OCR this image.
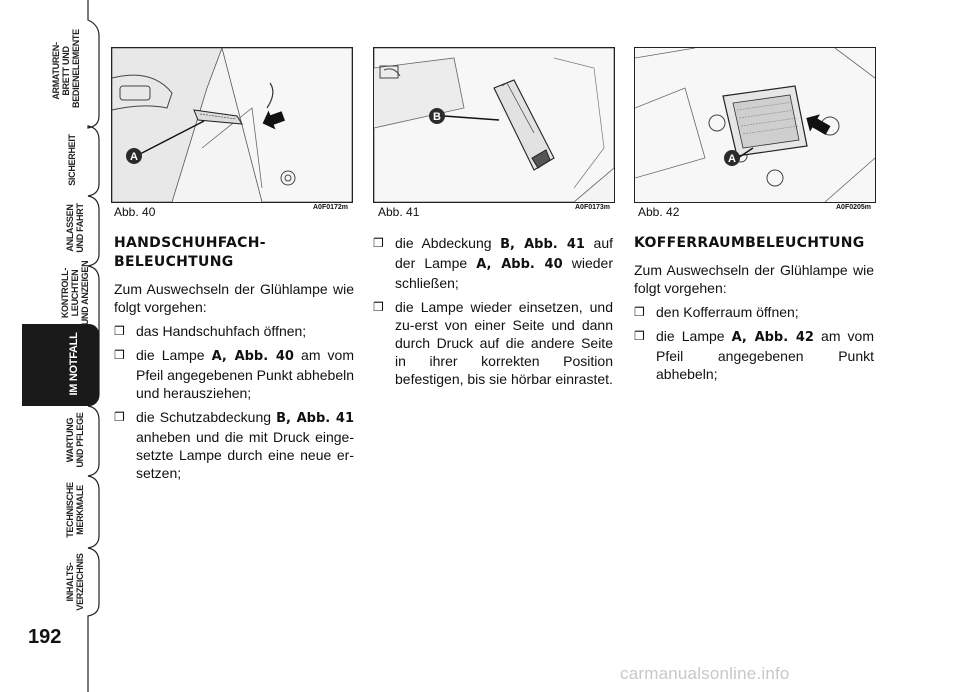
ARMATUREN- BRETT UND BEDIENELEMENTE
SICHERHEIT
ANLASSEN UND FAHRT
KONTROLL- LEUCHTEN UND ANZEIGEN
IM NOTFALL
WARTUNG UND PFLEGE
TECHNISCHE MERKMALE
INHALTS- VERZEICHNIS
192
A
Abb. 40	A0F0172m
B
Abb. 41	A0F0173m
A
Abb. 42	A0F0205m
HANDSCHUHFACH-
BELEUCHTUNG

Zum Auswechseln der Glühlampe wie folgt vorgehen:

❒ das Handschuhfach öffnen;
❒ die Lampe A, Abb. 40 am vom Pfeil angegebenen Punkt abhebeln und herausziehen;
❒ die Schutzabdeckung B, Abb. 41 anheben und die mit Druck einge-setzte Lampe durch eine neue er-setzen;
❒ die Abdeckung B, Abb. 41 auf der Lampe A, Abb. 40 wieder schließen;
❒ die Lampe wieder einsetzen, und zu-erst von einer Seite und dann durch Druck auf die andere Seite in ihrer korrekten Position befestigen, bis sie hörbar einrastet.
KOFFERRAUMBELEUCHTUNG

Zum Auswechseln der Glühlampe wie folgt vorgehen:

❒ den Kofferraum öffnen;
❒ die Lampe A, Abb. 42 am vom Pfeil angegebenen Punkt abhebeln;
carmanualsonline.info
